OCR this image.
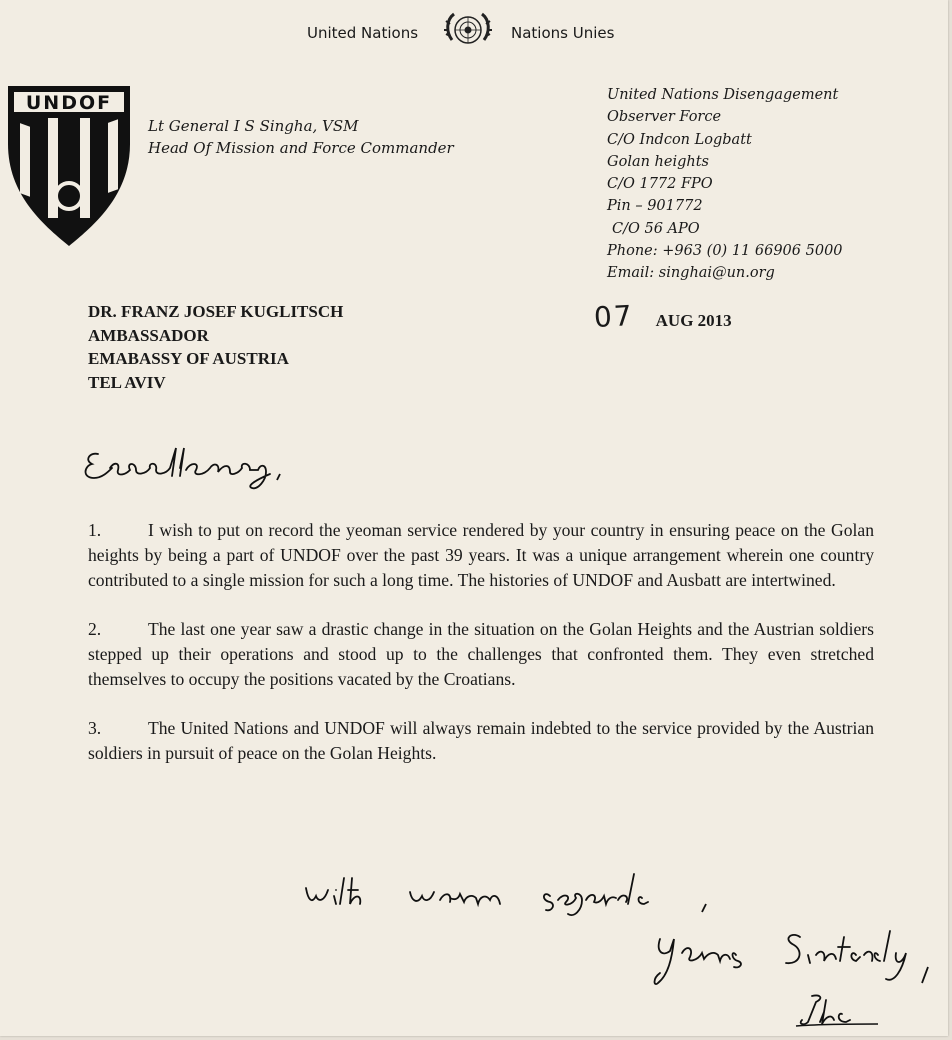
United Nations	Nations Unies
UNDOF
Lt General I S Singha, VSM
Head Of Mission and Force Commander
United Nations Disengagement
Observer Force
C/O Indcon Logbatt
Golan heights
C/O 1772 FPO
Pin – 901772
C/O 56 APO
Phone: +963 (0) 11 66906 5000
Email: singhai@un.org
DR. FRANZ JOSEF KUGLITSCH
AMBASSADOR
EMABASSY OF AUSTRIA
TEL AVIV
07 AUG 2013

1.	I wish to put on record the yeoman service rendered by your country in ensuring peace on the Golan heights by being a part of UNDOF over the past 39 years. It was a unique arrangement wherein one country contributed to a single mission for such a long time. The histories of UNDOF and Ausbatt are intertwined.

2.	The last one year saw a drastic change in the situation on the Golan Heights and the Austrian soldiers stepped up their operations and stood up to the challenges that confronted them. They even stretched themselves to occupy the positions vacated by the Croatians.

3.	The United Nations and UNDOF will always remain indebted to the service provided by the Austrian soldiers in pursuit of peace on the Golan Heights.
